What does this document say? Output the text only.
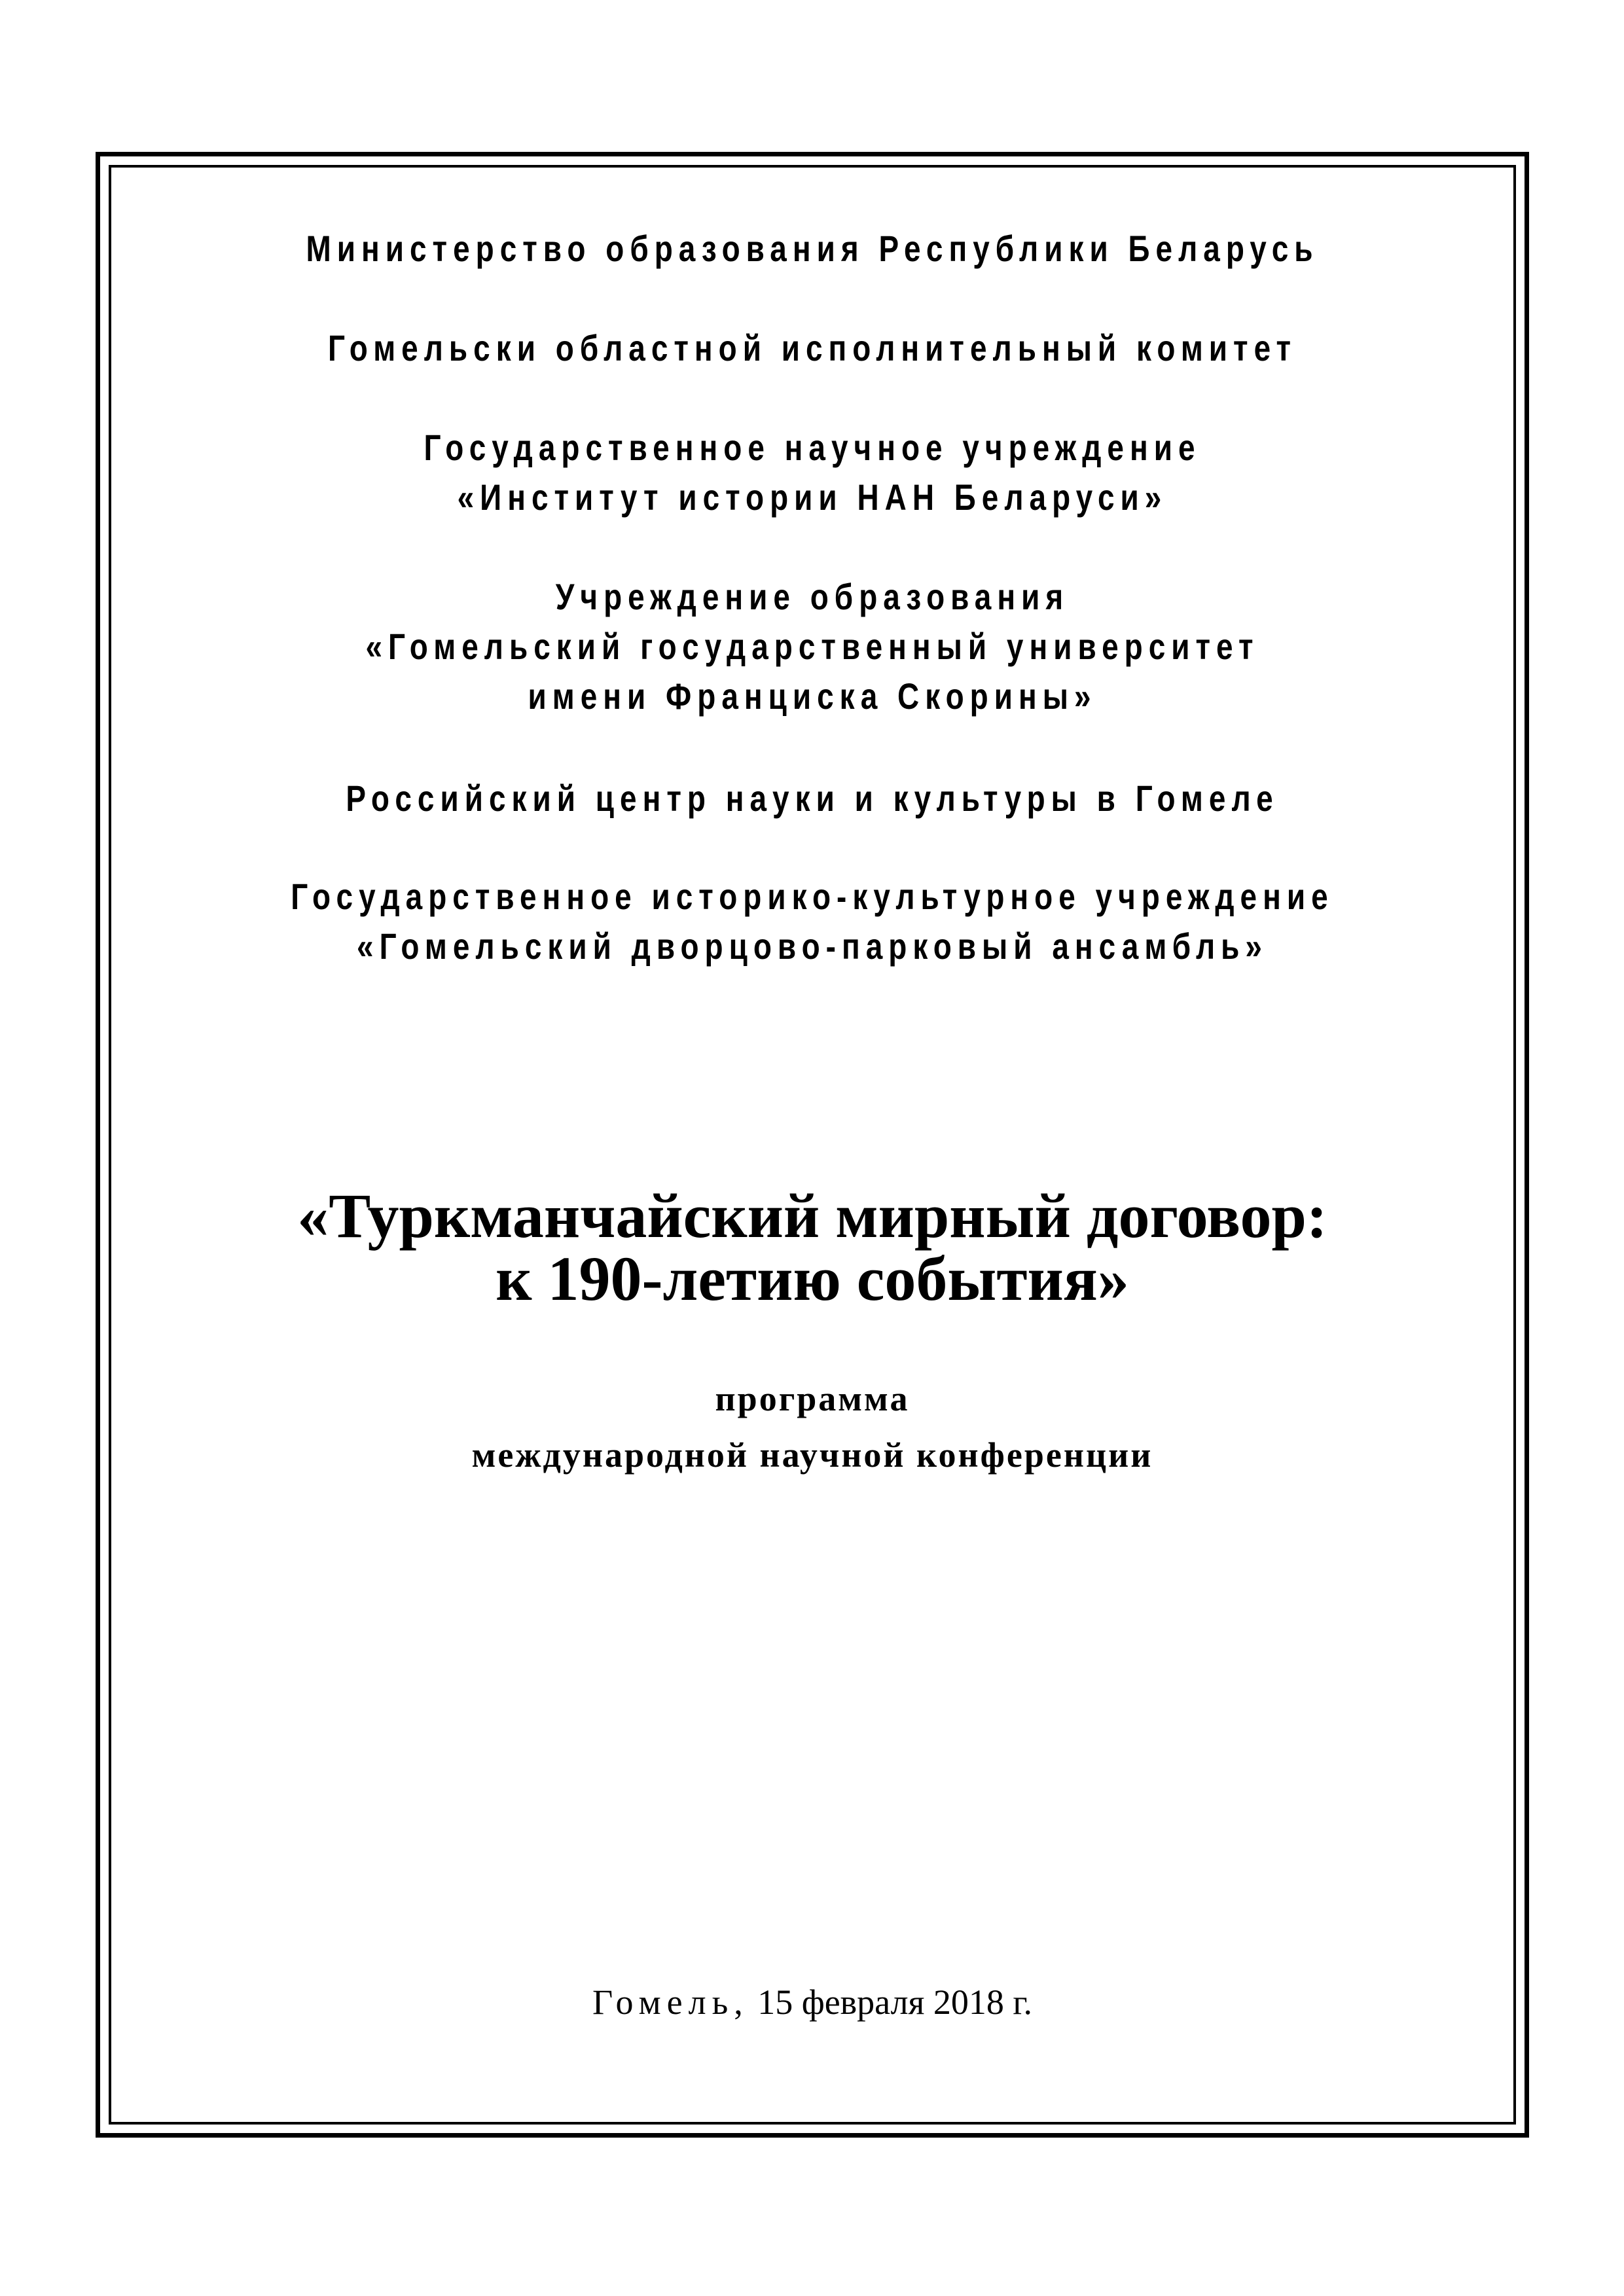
Министерство образования Республики Беларусь
Гомельски областной исполнительный комитет
Государственное научное учреждение
«Институт истории НАН Беларуси»
Учреждение образования
«Гомельский государственный университет
имени Франциска Скорины»
Российский центр науки и культуры в Гомеле
Государственное историко-культурное учреждение
«Гомельский дворцово-парковый ансамбль»
«Туркманчайский мирный договор:
к 190-летию события»
программа
международной научной конференции
Гомель, 15 февраля 2018 г.
